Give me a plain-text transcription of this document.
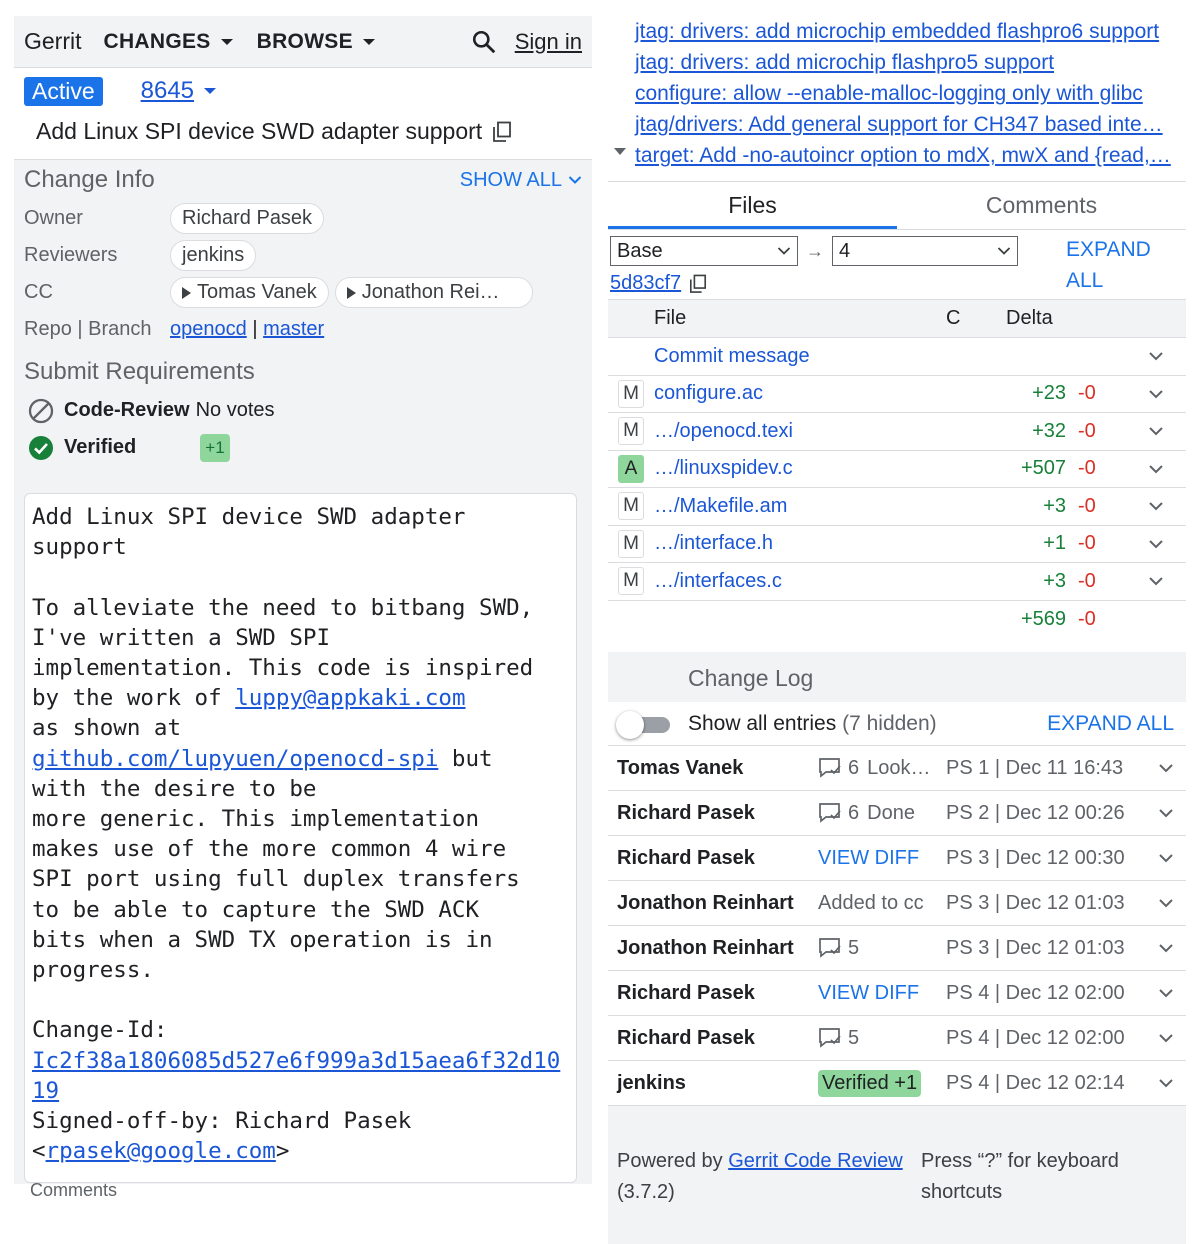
Gerrit CHANGES BROWSE	Sign in
Active	8645
Add Linux SPI device SWD adapter support
Change Info	SHOW ALL
Owner	Richard Pasek
Reviewers	jenkins
CC	Tomas Vanek Jonathon Rei…
Repo | Branch openocd | master
Submit Requirements
Code-Review No votes
Verified	+1
Add Linux SPI device SWD adapter
support

To alleviate the need to bitbang SWD,
I've written a SWD SPI
implementation. This code is inspired
by the work of luppy@appkaki.com
as shown at
github.com/lupyuen/openocd-spi but
with the desire to be
more generic. This implementation
makes use of the more common 4 wire
SPI port using full duplex transfers
to be able to capture the SWD ACK
bits when a SWD TX operation is in
progress.

Change-Id:
Ic2f38a1806085d527e6f999a3d15aea6f32d1019
Signed-off-by: Richard Pasek
<rpasek@google.com>
Comments
jtag: drivers: add microchip embedded flashpro6 support
jtag: drivers: add microchip flashpro5 support
configure: allow --enable-malloc-logging only with glibc
jtag/drivers: Add general support for CH347 based inte…
target: Add -no-autoincr option to mdX, mwX and {read,…
Files	Comments
Base	→ 4
5d83cf7
EXPAND ALL
File	C	Delta
Commit message
M configure.ac	+23 -0
M …/openocd.texi	+32 -0
A …/linuxspidev.c	+507 -0
M …/Makefile.am	+3 -0
M …/interface.h	+1 -0
M …/interfaces.c	+3 -0
+569 -0
Change Log
Show all entries (7 hidden)	EXPAND ALL
Tomas Vanek	6 Look… PS 1 | Dec 11 16:43
Richard Pasek	6 Done PS 2 | Dec 12 00:26
Richard Pasek	VIEW DIFF PS 3 | Dec 12 00:30
Jonathon Reinhart	Added to cc PS 3 | Dec 12 01:03
Jonathon Reinhart	5	PS 3 | Dec 12 01:03
Richard Pasek	VIEW DIFF PS 4 | Dec 12 02:00
Richard Pasek	5	PS 4 | Dec 12 02:00
jenkins	Verified +1 PS 4 | Dec 12 02:14
Powered by Gerrit Code Review
(3.7.2)
Press “?” for keyboard shortcuts
